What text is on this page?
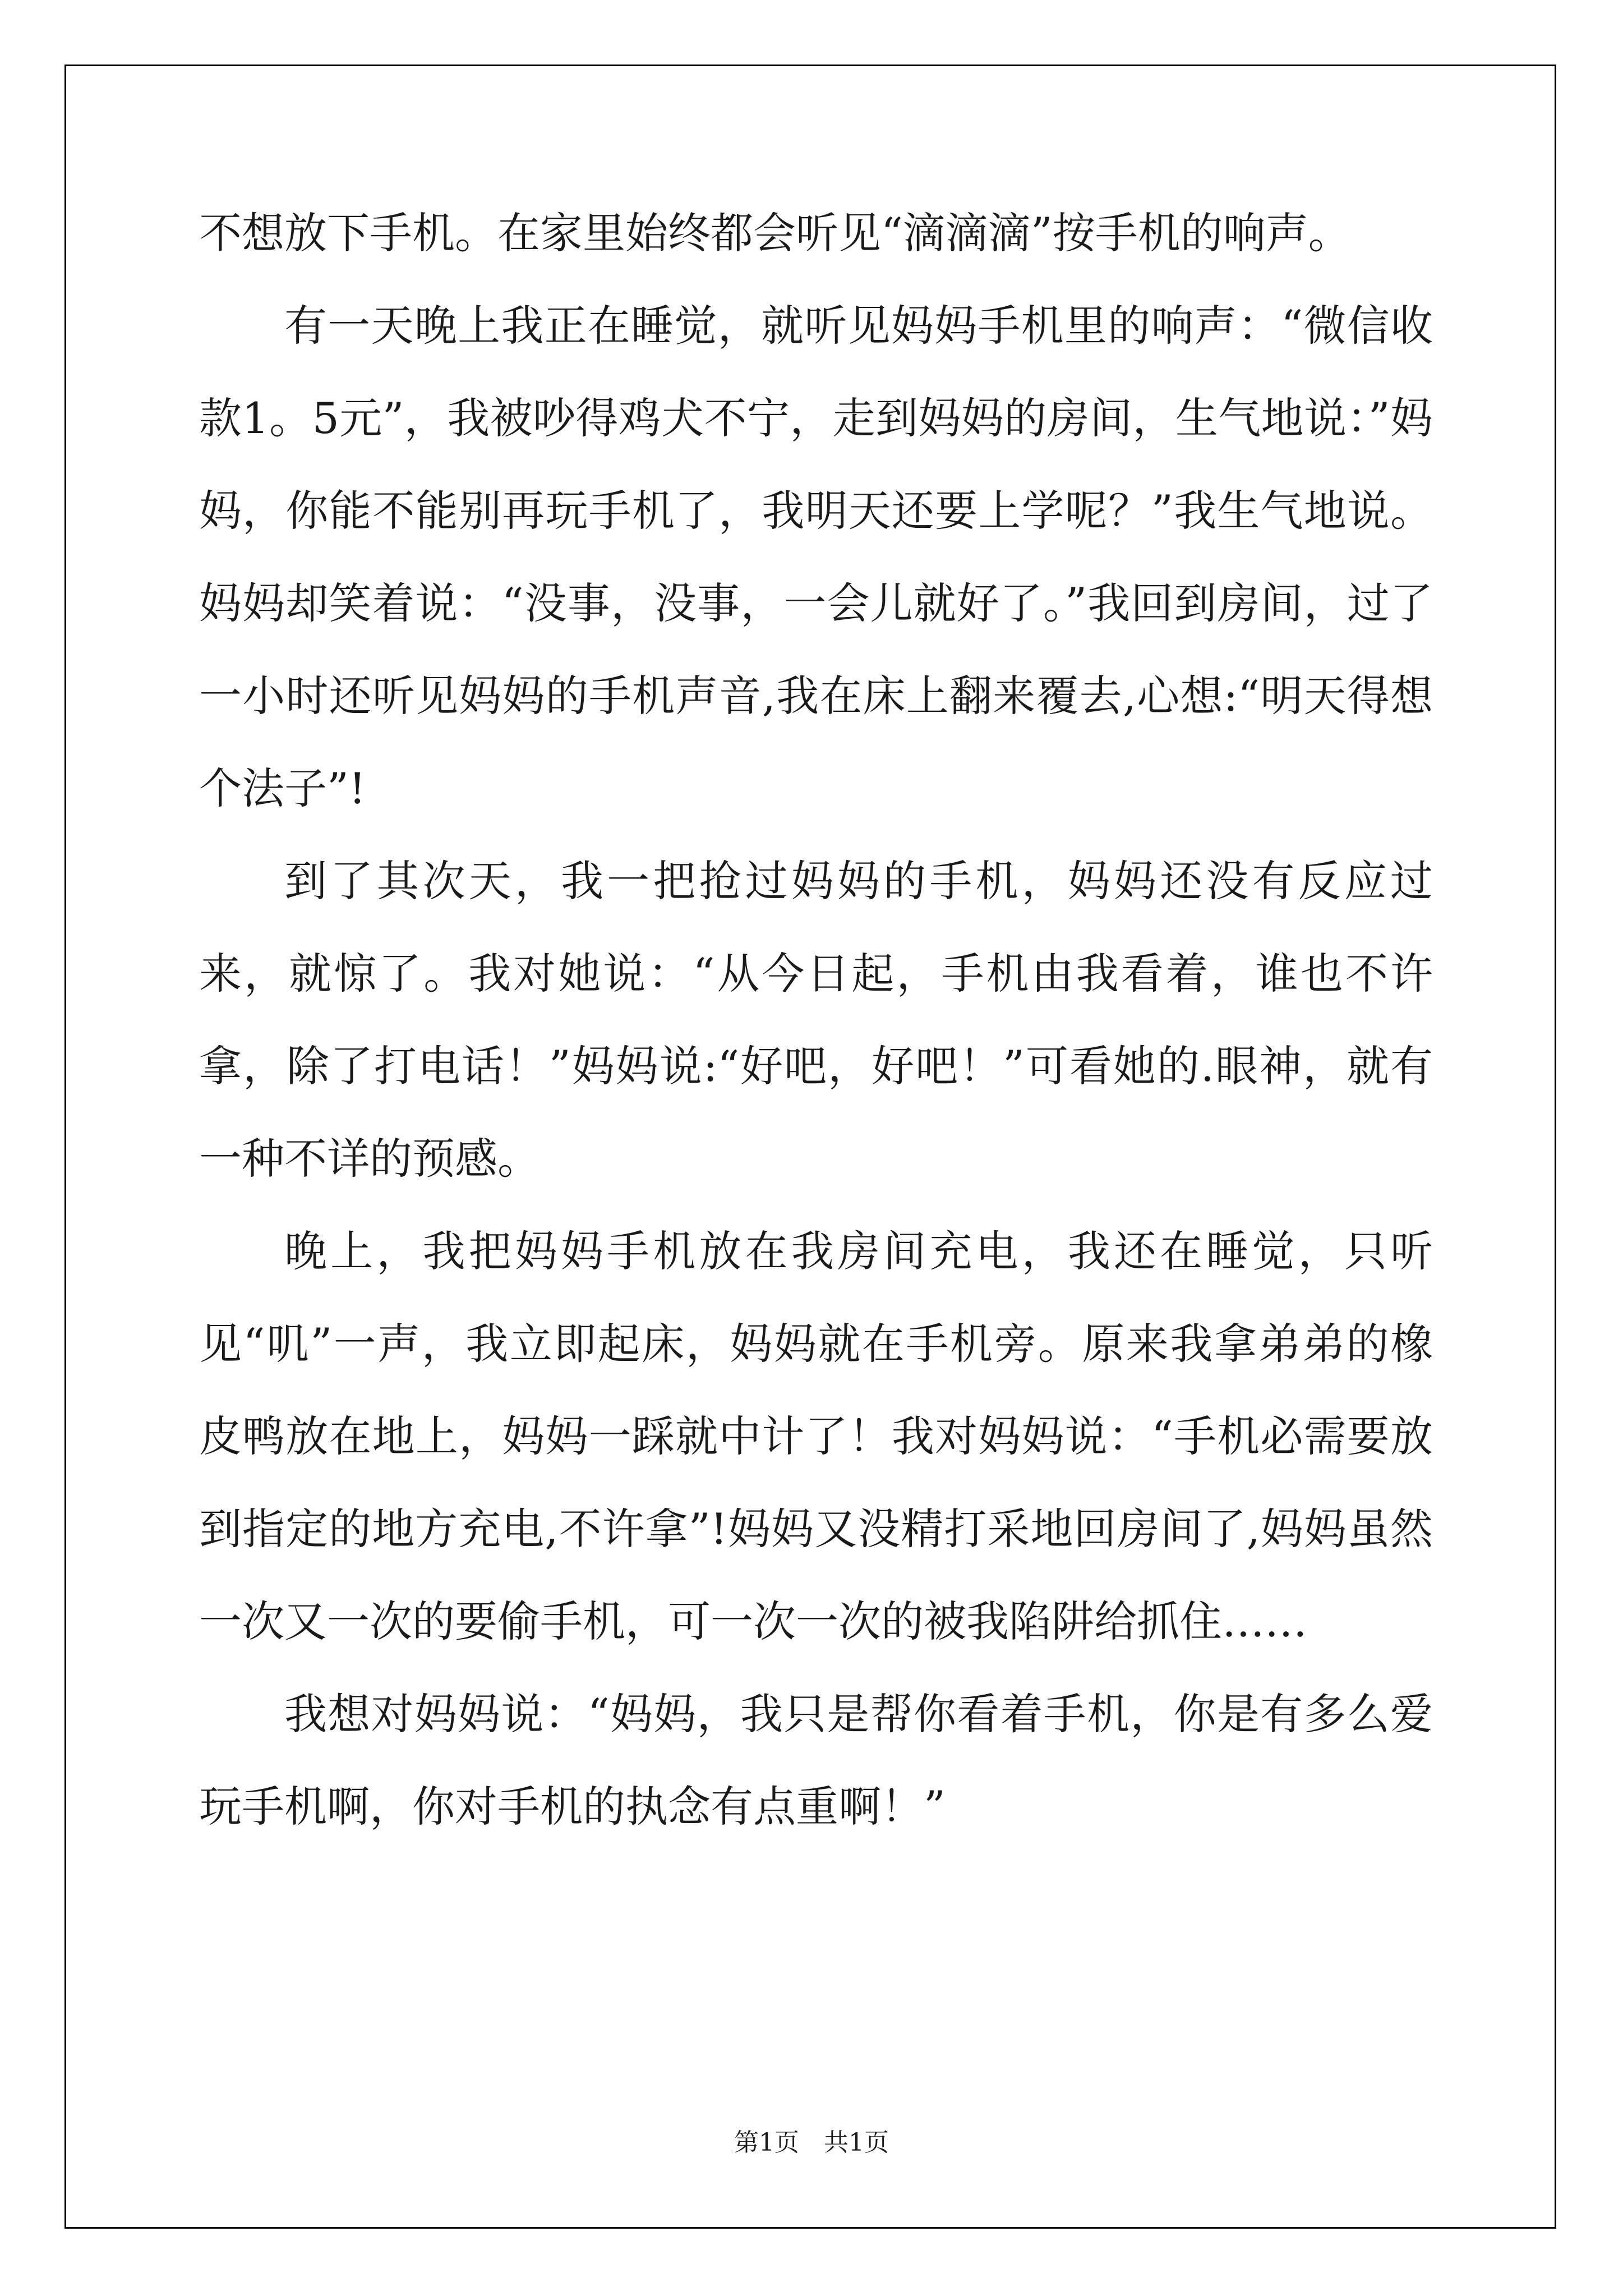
不想放下手机。在家里始终都会听见“滴滴滴”按手机的响声。

有一天晚上我正在睡觉，就听见妈妈手机里的响声：“微信收款1。5元”，我被吵得鸡犬不宁，走到妈妈的房间，生气地说：”妈妈，你能不能别再玩手机了，我明天还要上学呢？”我生气地说。妈妈却笑着说：“没事，没事，一会儿就好了。”我回到房间，过了一小时还听见妈妈的手机声音,我在床上翻来覆去,心想:“明天得想个法子”!

到了其次天，我一把抢过妈妈的手机，妈妈还没有反应过来，就惊了。我对她说：“从今日起，手机由我看着，谁也不许拿，除了打电话！”妈妈说:“好吧，好吧！”可看她的.眼神，就有一种不详的预感。

晚上，我把妈妈手机放在我房间充电，我还在睡觉，只听见“叽”一声，我立即起床，妈妈就在手机旁。原来我拿弟弟的橡皮鸭放在地上，妈妈一踩就中计了！我对妈妈说：“手机必需要放到指定的地方充电,不许拿”!妈妈又没精打采地回房间了,妈妈虽然一次又一次的要偷手机，可一次一次的被我陷阱给抓住……

我想对妈妈说：“妈妈，我只是帮你看着手机，你是有多么爱玩手机啊，你对手机的执念有点重啊！”

第1页　共1页
